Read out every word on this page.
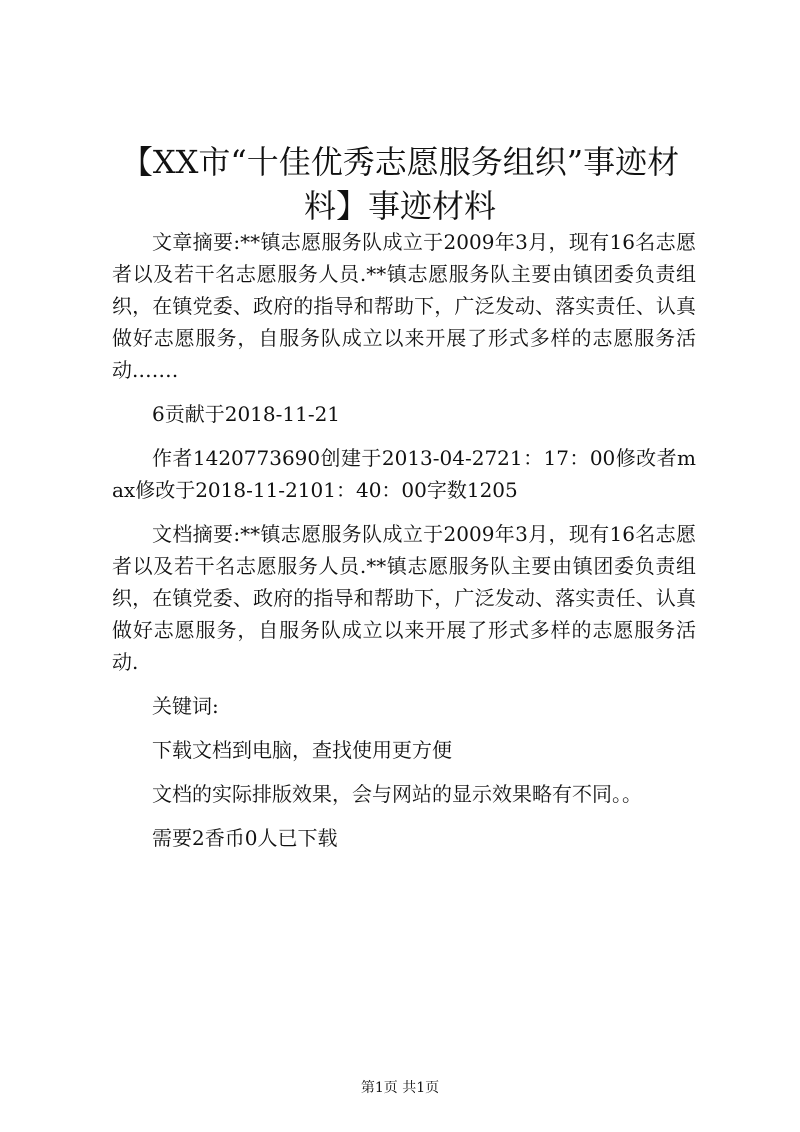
【XX市“十佳优秀志愿服务组织”事迹材
料】事迹材料

文章摘要:**镇志愿服务队成立于2009年3月，现有16名志愿者以及若干名志愿服务人员.**镇志愿服务队主要由镇团委负责组织，在镇党委、政府的指导和帮助下，广泛发动、落实责任、认真做好志愿服务，自服务队成立以来开展了形式多样的志愿服务活动.……

6贡献于2018-11-21

作者1420773690创建于2013-04-2721：17：00修改者max修改于2018-11-2101：40：00字数1205

文档摘要:**镇志愿服务队成立于2009年3月，现有16名志愿者以及若干名志愿服务人员.**镇志愿服务队主要由镇团委负责组织，在镇党委、政府的指导和帮助下，广泛发动、落实责任、认真做好志愿服务，自服务队成立以来开展了形式多样的志愿服务活动.

关键词:

下载文档到电脑，查找使用更方便

文档的实际排版效果，会与网站的显示效果略有不同。。

需要2香币0人已下载

第1页 共1页
